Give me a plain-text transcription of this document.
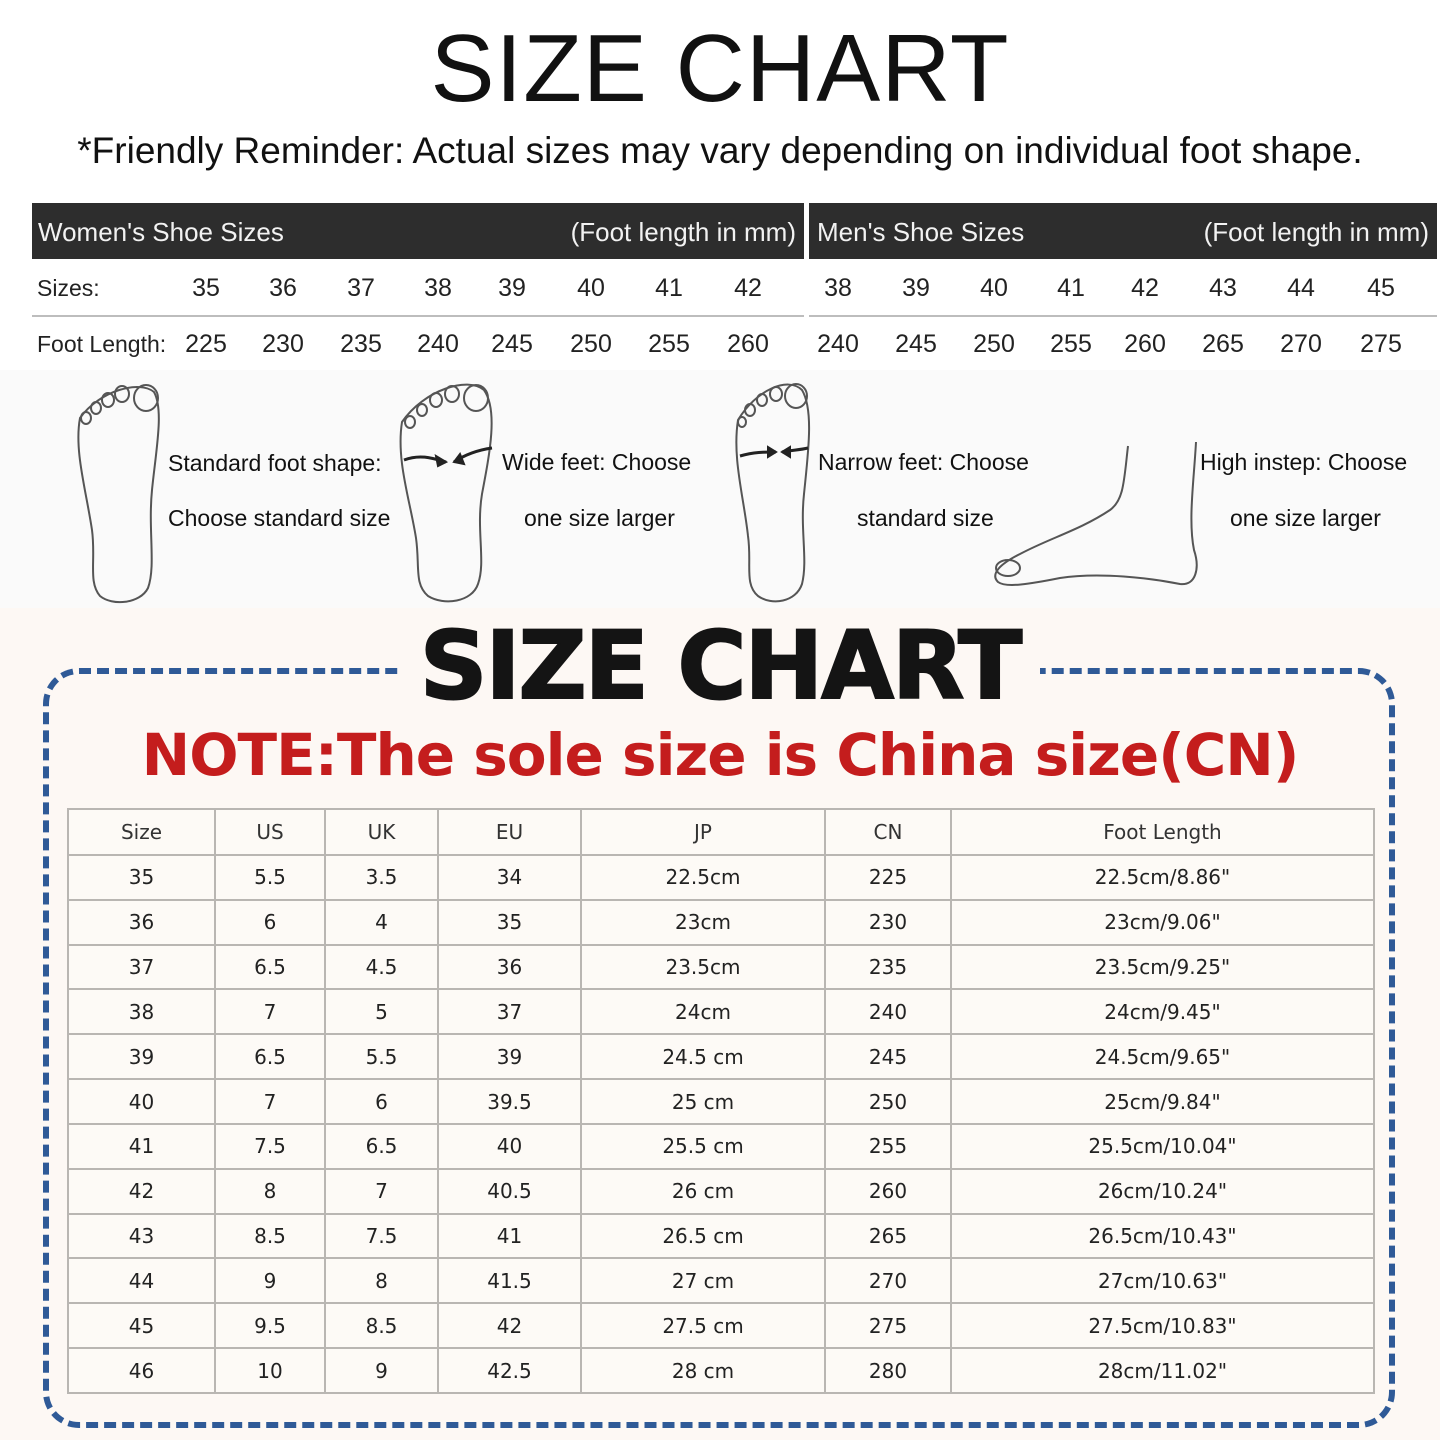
SIZE CHART
*Friendly Reminder: Actual sizes may vary depending on individual foot shape.
Women's Shoe Sizes	(Foot length in mm)
Sizes:	35	36	37	38	39	40	41	42
Foot Length: 225	230	235	240	245	250	255	260
Men's Shoe Sizes	(Foot length in mm)
38	39	40	41	42	43	44	45
240	245	250	255	260	265	270	275
Standard foot shape:
Choose standard size
Wide feet: Choose
one size larger
Narrow feet: Choose
standard size
High instep: Choose
one size larger
SIZE CHART
NOTE:The sole size is China size(CN)
Size	US	UK	EU	JP	CN	Foot Length
35	5.5	3.5	34	22.5cm	225	22.5cm/8.86"
36	6	4	35	23cm	230	23cm/9.06"
37	6.5	4.5	36	23.5cm	235	23.5cm/9.25"
38	7	5	37	24cm	240	24cm/9.45"
39	6.5	5.5	39	24.5 cm	245	24.5cm/9.65"
40	7	6	39.5	25 cm	250	25cm/9.84"
41	7.5	6.5	40	25.5 cm	255	25.5cm/10.04"
42	8	7	40.5	26 cm	260	26cm/10.24"
43	8.5	7.5	41	26.5 cm	265	26.5cm/10.43"
44	9	8	41.5	27 cm	270	27cm/10.63"
45	9.5	8.5	42	27.5 cm	275	27.5cm/10.83"
46	10	9	42.5	28 cm	280	28cm/11.02"
